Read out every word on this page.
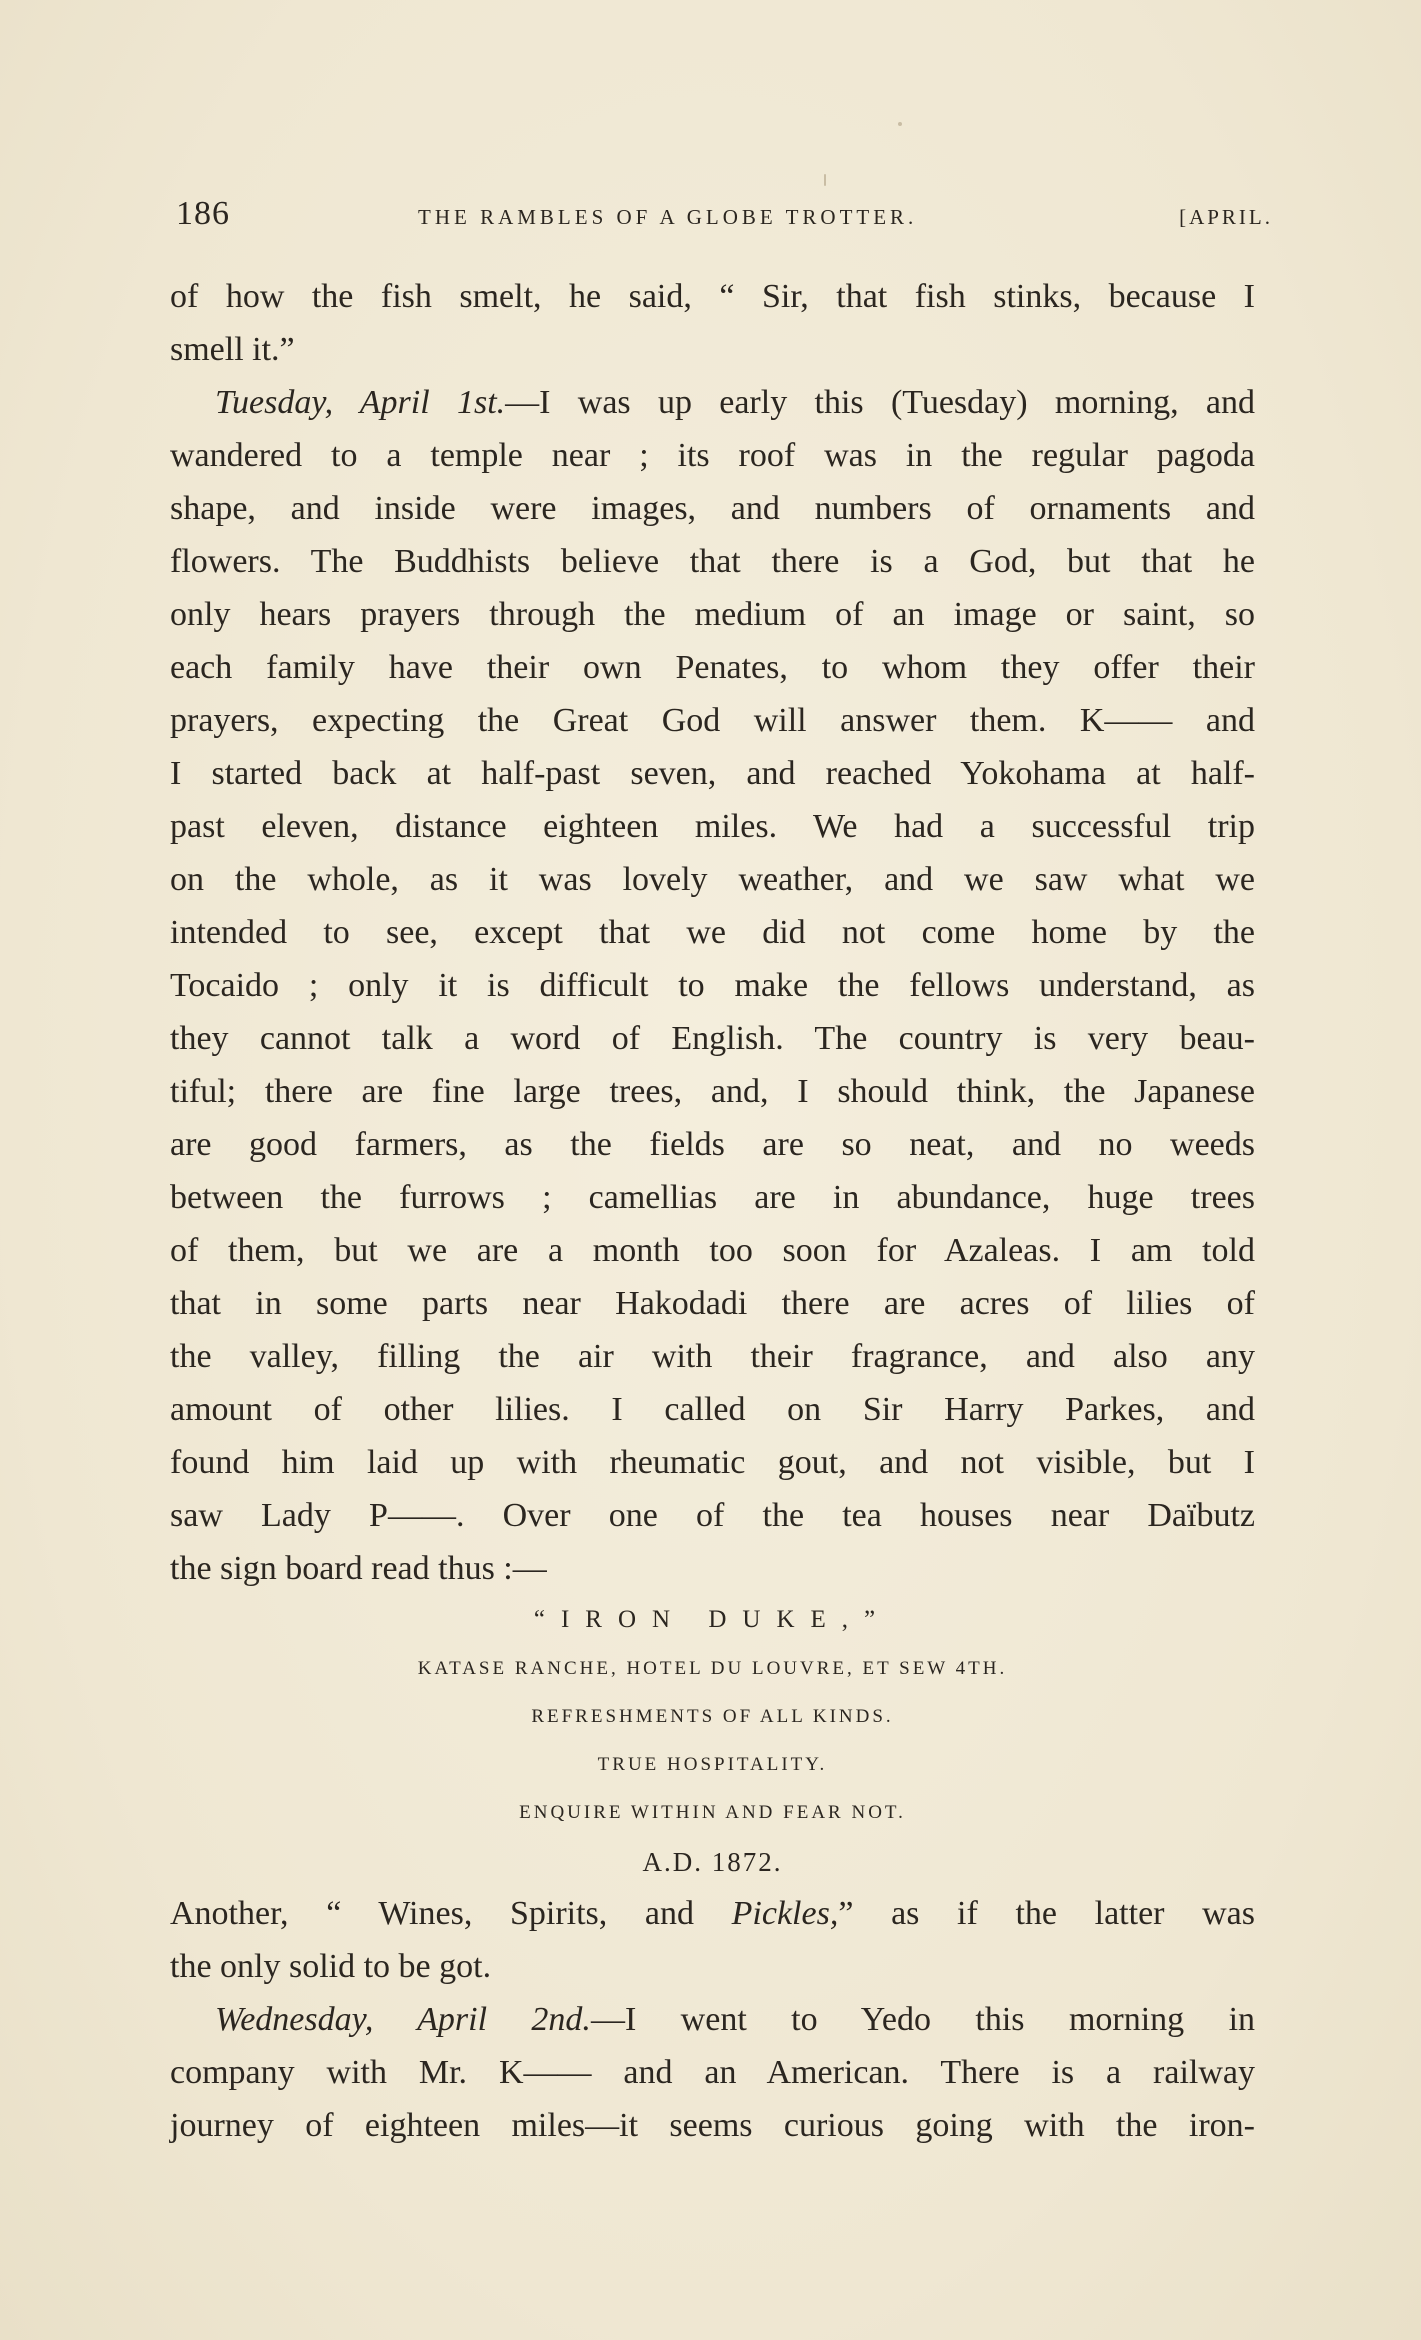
186	THE RAMBLES OF A GLOBE TROTTER.	[APRIL.
of how the fish smelt, he said, “ Sir, that fish stinks, because I
smell it.”
Tuesday, April 1st.—I was up early this (Tuesday) morning, and
wandered to a temple near ; its roof was in the regular pagoda
shape, and inside were images, and numbers of ornaments and
flowers. The Buddhists believe that there is a God, but that he
only hears prayers through the medium of an image or saint, so
each family have their own Penates, to whom they offer their
prayers, expecting the Great God will answer them. K—— and
I started back at half-past seven, and reached Yokohama at half-
past eleven, distance eighteen miles. We had a successful trip
on the whole, as it was lovely weather, and we saw what we
intended to see, except that we did not come home by the
Tocaido ; only it is difficult to make the fellows understand, as
they cannot talk a word of English. The country is very beau-
tiful; there are fine large trees, and, I should think, the Japanese
are good farmers, as the fields are so neat, and no weeds
between the furrows ; camellias are in abundance, huge trees
of them, but we are a month too soon for Azaleas. I am told
that in some parts near Hakodadi there are acres of lilies of
the valley, filling the air with their fragrance, and also any
amount of other lilies. I called on Sir Harry Parkes, and
found him laid up with rheumatic gout, and not visible, but I
saw Lady P——. Over one of the tea houses near Daïbutz
the sign board read thus :—
“IRON DUKE,”
KATASE RANCHE, HOTEL DU LOUVRE, ET SEW 4TH.
REFRESHMENTS OF ALL KINDS.
TRUE HOSPITALITY.
ENQUIRE WITHIN AND FEAR NOT.
A.D. 1872.
Another, “ Wines, Spirits, and Pickles,” as if the latter was
the only solid to be got.
Wednesday, April 2nd.—I went to Yedo this morning in
company with Mr. K—— and an American. There is a railway
journey of eighteen miles—it seems curious going with the iron-
